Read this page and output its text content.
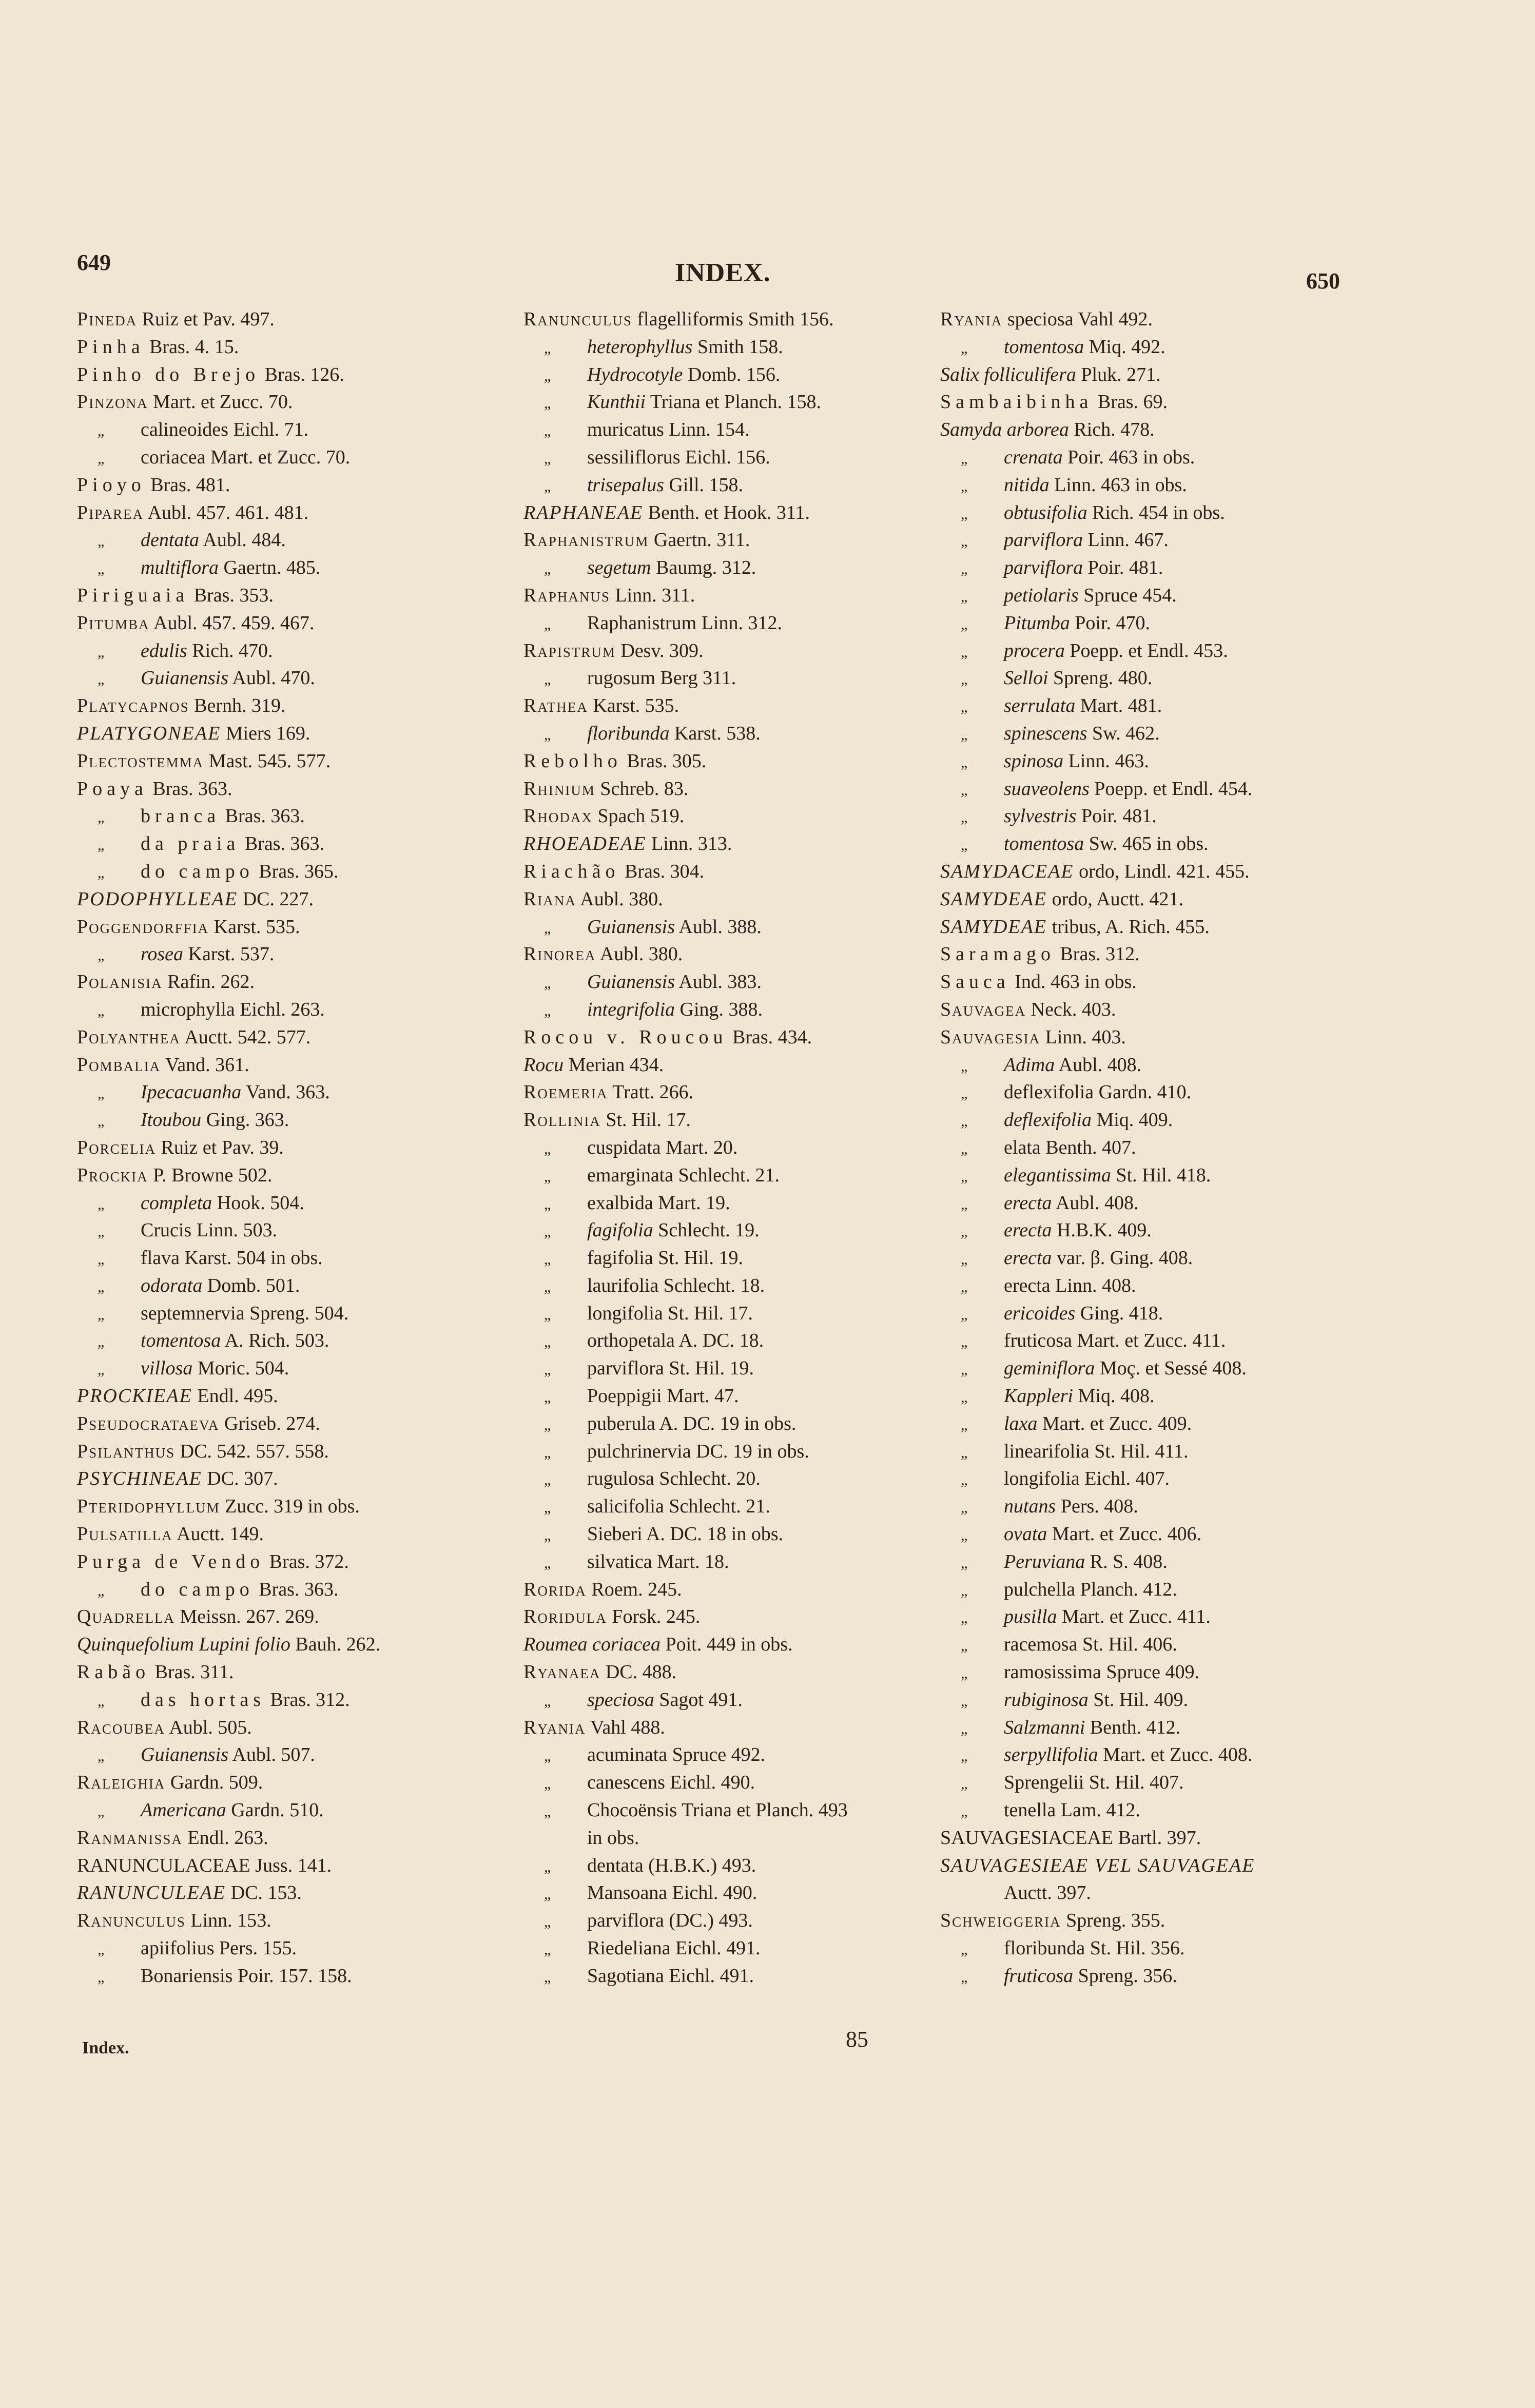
649	INDEX.	650
Pineda Ruiz et Pav. 497.
Pinha Bras. 4. 15.
Pinho do Brejo Bras. 126.
Pinzona Mart. et Zucc. 70.
„ calineoides Eichl. 71.
„ coriacea Mart. et Zucc. 70.
Pioyo Bras. 481.
Piparea Aubl. 457. 461. 481.
„ dentata Aubl. 484.
„ multiflora Gaertn. 485.
Piriguaia Bras. 353.
Pitumba Aubl. 457. 459. 467.
„ edulis Rich. 470.
„ Guianensis Aubl. 470.
Platycapnos Bernh. 319.
PLATYGONEAE Miers 169.
Plectostemma Mast. 545. 577.
Poaya Bras. 363.
„ branca Bras. 363.
„ da praia Bras. 363.
„ do campo Bras. 365.
PODOPHYLLEAE DC. 227.
Poggendorffia Karst. 535.
„ rosea Karst. 537.
Polanisia Rafin. 262.
„ microphylla Eichl. 263.
Polyanthea Auctt. 542. 577.
Pombalia Vand. 361.
„ Ipecacuanha Vand. 363.
„ Itoubou Ging. 363.
Porcelia Ruiz et Pav. 39.
Prockia P. Browne 502.
„ completa Hook. 504.
„ Crucis Linn. 503.
„ flava Karst. 504 in obs.
„ odorata Domb. 501.
„ septemnervia Spreng. 504.
„ tomentosa A. Rich. 503.
„ villosa Moric. 504.
PROCKIEAE Endl. 495.
Pseudocrataeva Griseb. 274.
Psilanthus DC. 542. 557. 558.
PSYCHINEAE DC. 307.
Pteridophyllum Zucc. 319 in obs.
Pulsatilla Auctt. 149.
Purga de Vendo Bras. 372.
„ do campo Bras. 363.
Quadrella Meissn. 267. 269.
Quinquefolium Lupini folio Bauh. 262.
Rabão Bras. 311.
„ das hortas Bras. 312.
Racoubea Aubl. 505.
„ Guianensis Aubl. 507.
Raleighia Gardn. 509.
„ Americana Gardn. 510.
Ranmanissa Endl. 263.
RANUNCULACEAE Juss. 141.
RANUNCULEAE DC. 153.
Ranunculus Linn. 153.
„ apiifolius Pers. 155.
„ Bonariensis Poir. 157. 158.
Ranunculus flagelliformis Smith 156.
„ heterophyllus Smith 158.
„ Hydrocotyle Domb. 156.
„ Kunthii Triana et Planch. 158.
„ muricatus Linn. 154.
„ sessiliflorus Eichl. 156.
„ trisepalus Gill. 158.
RAPHANEAE Benth. et Hook. 311.
Raphanistrum Gaertn. 311.
„ segetum Baumg. 312.
Raphanus Linn. 311.
„ Raphanistrum Linn. 312.
Rapistrum Desv. 309.
„ rugosum Berg 311.
Rathea Karst. 535.
„ floribunda Karst. 538.
Rebolho Bras. 305.
Rhinium Schreb. 83.
Rhodax Spach 519.
RHOEADEAE Linn. 313.
Riachão Bras. 304.
Riana Aubl. 380.
„ Guianensis Aubl. 388.
Rinorea Aubl. 380.
„ Guianensis Aubl. 383.
„ integrifolia Ging. 388.
Rocou v. Roucou Bras. 434.
Rocu Merian 434.
Roemeria Tratt. 266.
Rollinia St. Hil. 17.
„ cuspidata Mart. 20.
„ emarginata Schlecht. 21.
„ exalbida Mart. 19.
„ fagifolia Schlecht. 19.
„ fagifolia St. Hil. 19.
„ laurifolia Schlecht. 18.
„ longifolia St. Hil. 17.
„ orthopetala A. DC. 18.
„ parviflora St. Hil. 19.
„ Poeppigii Mart. 47.
„ puberula A. DC. 19 in obs.
„ pulchrinervia DC. 19 in obs.
„ rugulosa Schlecht. 20.
„ salicifolia Schlecht. 21.
„ Sieberi A. DC. 18 in obs.
„ silvatica Mart. 18.
Rorida Roem. 245.
Roridula Forsk. 245.
Roumea coriacea Poit. 449 in obs.
Ryanaea DC. 488.
„ speciosa Sagot 491.
Ryania Vahl 488.
„ acuminata Spruce 492.
„ canescens Eichl. 490.
„ Chocoënsis Triana et Planch. 493
in obs.
„ dentata (H.B.K.) 493.
„ Mansoana Eichl. 490.
„ parviflora (DC.) 493.
„ Riedeliana Eichl. 491.
„ Sagotiana Eichl. 491.
Ryania speciosa Vahl 492.
„ tomentosa Miq. 492.
Salix folliculifera Pluk. 271.
Sambaibinha Bras. 69.
Samyda arborea Rich. 478.
„ crenata Poir. 463 in obs.
„ nitida Linn. 463 in obs.
„ obtusifolia Rich. 454 in obs.
„ parviflora Linn. 467.
„ parviflora Poir. 481.
„ petiolaris Spruce 454.
„ Pitumba Poir. 470.
„ procera Poepp. et Endl. 453.
„ Selloi Spreng. 480.
„ serrulata Mart. 481.
„ spinescens Sw. 462.
„ spinosa Linn. 463.
„ suaveolens Poepp. et Endl. 454.
„ sylvestris Poir. 481.
„ tomentosa Sw. 465 in obs.
SAMYDACEAE ordo, Lindl. 421. 455.
SAMYDEAE ordo, Auctt. 421.
SAMYDEAE tribus, A. Rich. 455.
Saramago Bras. 312.
Sauca Ind. 463 in obs.
Sauvagea Neck. 403.
Sauvagesia Linn. 403.
„ Adima Aubl. 408.
„ deflexifolia Gardn. 410.
„ deflexifolia Miq. 409.
„ elata Benth. 407.
„ elegantissima St. Hil. 418.
„ erecta Aubl. 408.
„ erecta H.B.K. 409.
„ erecta var. β. Ging. 408.
„ erecta Linn. 408.
„ ericoides Ging. 418.
„ fruticosa Mart. et Zucc. 411.
„ geminiflora Moç. et Sessé 408.
„ Kappleri Miq. 408.
„ laxa Mart. et Zucc. 409.
„ linearifolia St. Hil. 411.
„ longifolia Eichl. 407.
„ nutans Pers. 408.
„ ovata Mart. et Zucc. 406.
„ Peruviana R. S. 408.
„ pulchella Planch. 412.
„ pusilla Mart. et Zucc. 411.
„ racemosa St. Hil. 406.
„ ramosissima Spruce 409.
„ rubiginosa St. Hil. 409.
„ Salzmanni Benth. 412.
„ serpyllifolia Mart. et Zucc. 408.
„ Sprengelii St. Hil. 407.
„ tenella Lam. 412.
SAUVAGESIACEAE Bartl. 397.
SAUVAGESIEAE VEL SAUVAGEAE
Auctt. 397.
Schweiggeria Spreng. 355.
„ floribunda St. Hil. 356.
„ fruticosa Spreng. 356.
Index.	85
